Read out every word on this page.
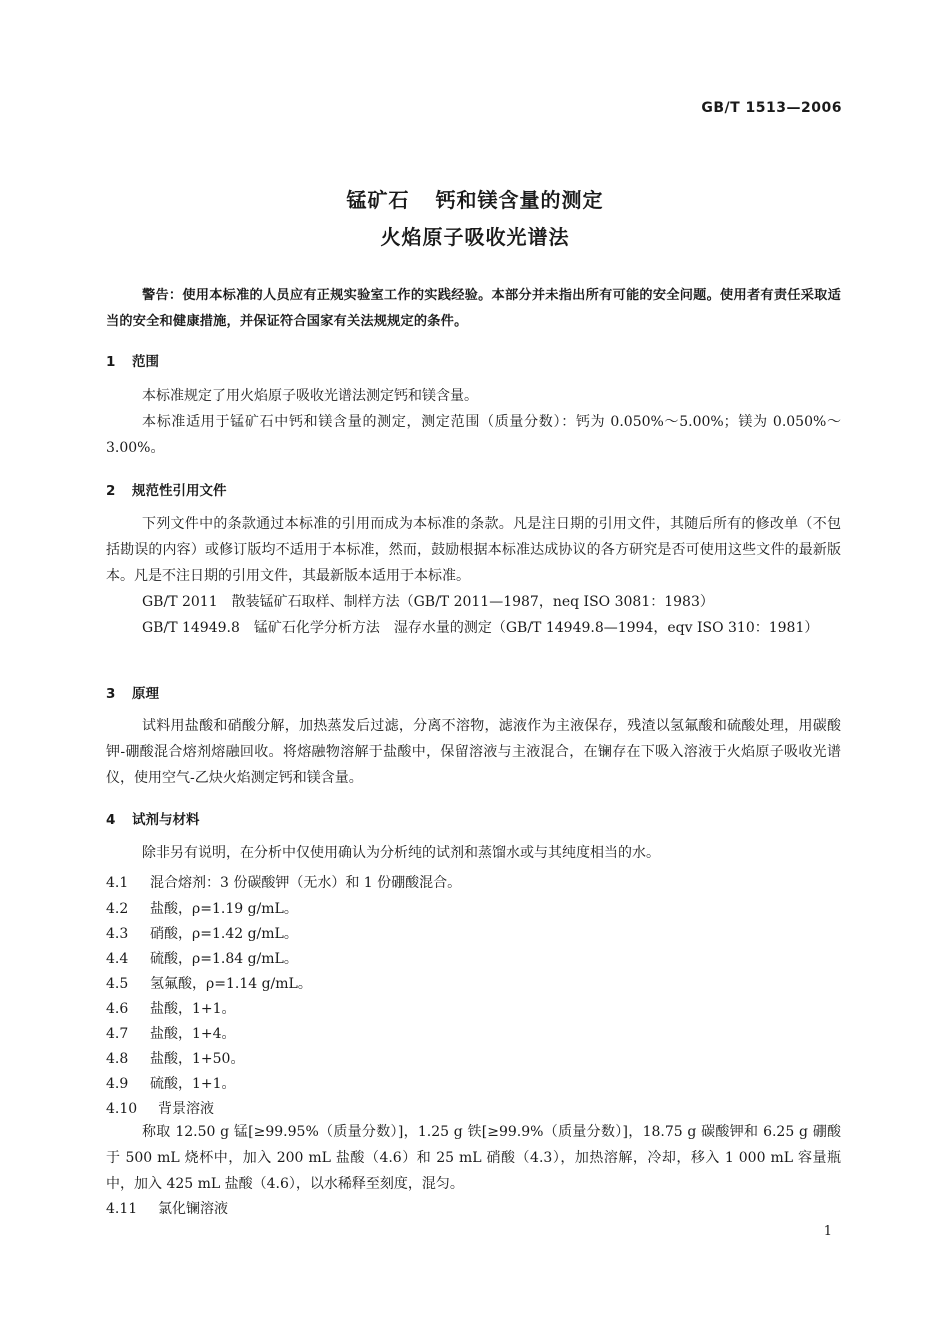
GB/T 1513—2006
锰矿石 钙和镁含量的测定
火焰原子吸收光谱法

警告：使用本标准的人员应有正规实验室工作的实践经验。本部分并未指出所有可能的安全问题。使用者有责任采取适当的安全和健康措施，并保证符合国家有关法规规定的条件。

1 范围

本标准规定了用火焰原子吸收光谱法测定钙和镁含量。

本标准适用于锰矿石中钙和镁含量的测定，测定范围（质量分数）：钙为 0.050%～5.00%；镁为 0.050%～3.00%。

2 规范性引用文件

下列文件中的条款通过本标准的引用而成为本标准的条款。凡是注日期的引用文件，其随后所有的修改单（不包括勘误的内容）或修订版均不适用于本标准，然而，鼓励根据本标准达成协议的各方研究是否可使用这些文件的最新版本。凡是不注日期的引用文件，其最新版本适用于本标准。

GB/T 2011　散装锰矿石取样、制样方法（GB/T 2011—1987，neq ISO 3081：1983）

GB/T 14949.8　锰矿石化学分析方法　湿存水量的测定（GB/T 14949.8—1994，eqv ISO 310：1981）

3 原理

试料用盐酸和硝酸分解，加热蒸发后过滤，分离不溶物，滤液作为主液保存，残渣以氢氟酸和硫酸处理，用碳酸钾-硼酸混合熔剂熔融回收。将熔融物溶解于盐酸中，保留溶液与主液混合，在镧存在下吸入溶液于火焰原子吸收光谱仪，使用空气-乙炔火焰测定钙和镁含量。

4 试剂与材料

除非另有说明，在分析中仅使用确认为分析纯的试剂和蒸馏水或与其纯度相当的水。

4.1 混合熔剂：3 份碳酸钾（无水）和 1 份硼酸混合。
4.2 盐酸，ρ=1.19 g/mL。
4.3 硝酸，ρ=1.42 g/mL。
4.4 硫酸，ρ=1.84 g/mL。
4.5 氢氟酸，ρ=1.14 g/mL。
4.6 盐酸，1+1。
4.7 盐酸，1+4。
4.8 盐酸，1+50。
4.9 硫酸，1+1。
4.10 背景溶液

称取 12.50 g 锰[≥99.95%（质量分数）]，1.25 g 铁[≥99.9%（质量分数）]，18.75 g 碳酸钾和 6.25 g 硼酸于 500 mL 烧杯中，加入 200 mL 盐酸（4.6）和 25 mL 硝酸（4.3），加热溶解，冷却，移入 1 000 mL 容量瓶中，加入 425 mL 盐酸（4.6），以水稀释至刻度，混匀。

4.11 氯化镧溶液
1
